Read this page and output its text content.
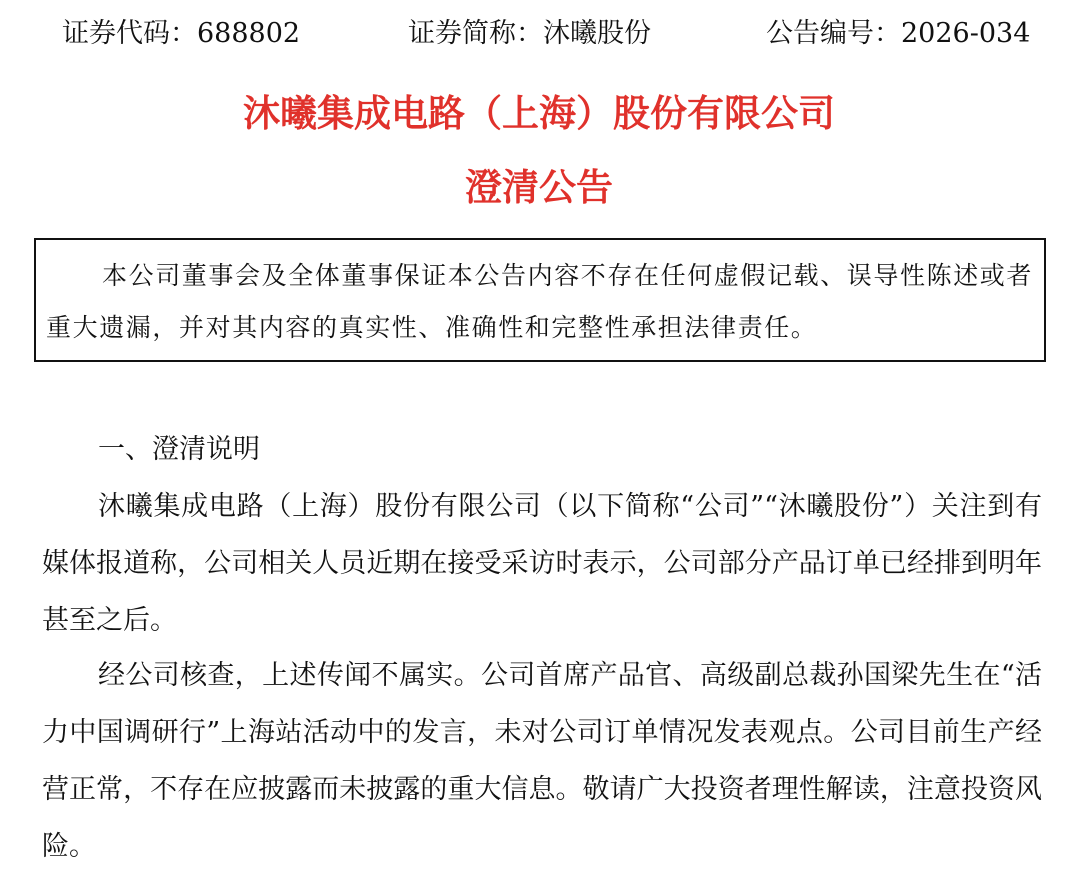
证券代码：688802	证券简称：沐曦股份	公告编号：2026-034
沐曦集成电路（上海）股份有限公司
澄清公告

本公司董事会及全体董事保证本公告内容不存在任何虚假记载、误导性陈述或者重大遗漏，并对其内容的真实性、准确性和完整性承担法律责任。

一、澄清说明

沐曦集成电路（上海）股份有限公司（以下简称“公司”“沐曦股份”）关注到有媒体报道称，公司相关人员近期在接受采访时表示，公司部分产品订单已经排到明年甚至之后。

经公司核查，上述传闻不属实。公司首席产品官、高级副总裁孙国梁先生在“活力中国调研行”上海站活动中的发言，未对公司订单情况发表观点。公司目前生产经营正常，不存在应披露而未披露的重大信息。敬请广大投资者理性解读，注意投资风险。
